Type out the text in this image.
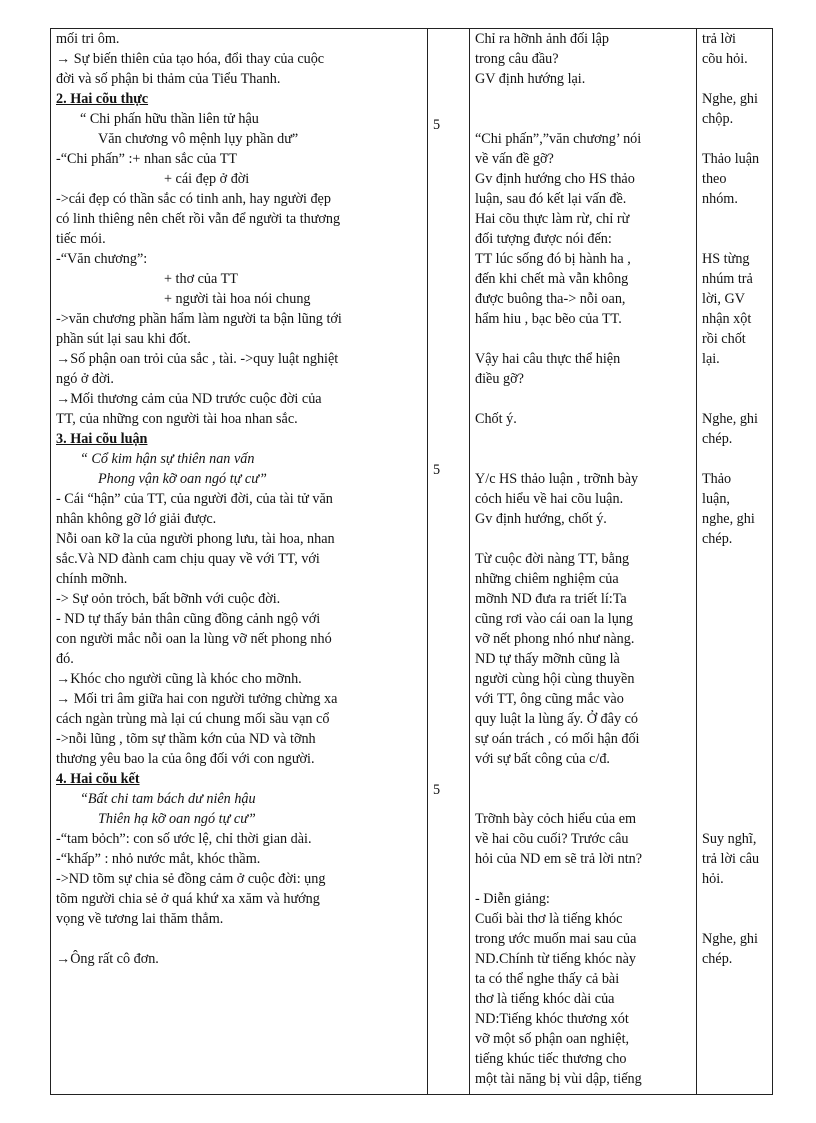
mối tri ôm.
→ Sự biến thiên của tạo hóa, đổi thay của cuộc
đời và số phận bi thảm của Tiểu Thanh.
2. Hai cõu thực
“ Chi phấn hữu thần liên tử hậu
Văn chương vô mệnh lụy phần dư”
-“Chi phấn” :+ nhan sắc của TT
+ cái đẹp ở đời
->cái đẹp có thần sắc có tinh anh, hay người đẹp
có linh thiêng nên chết rồi vẫn để người ta thương
tiếc mói.
-“Văn chương”:
+ thơ của TT
+ người tài hoa nói chung
->văn chương phần hẩm làm người ta bận lũng tới
phần sút lại sau khi đốt.
→Số phận oan trỏi của sắc , tài. ->quy luật nghiệt
ngó ở đời.
→Mối thương cảm của ND trước cuộc đời của
TT, của những con người tài hoa nhan sắc.
3. Hai cõu luận
“ Cổ kim hận sự thiên nan vấn
Phong vận kỡ oan ngó tự cư”
- Cái “hận” của TT, của người đời, của tài tử văn
nhân không gỡ lớ giải được.
Nỗi oan kỡ la của người phong lưu, tài hoa, nhan
sắc.Và ND đành cam chịu quay về với TT, với
chính mỡnh.
-> Sự oỏn trỏch, bất bỡnh với cuộc đời.
- ND tự thấy bản thân cũng đồng cảnh ngộ với
con người mắc nỗi oan la lùng vỡ nết phong nhó
đó.
→Khóc cho người cũng là khóc cho mỡnh.
→ Mối tri âm giữa hai con người tưởng chừng xa
cách ngàn trùng mà lại cú chung mối sầu vạn cổ
->nỗi lũng , tõm sự thầm kớn của ND và tỡnh
thương yêu bao la của ông đối với con người.
4. Hai cõu kết
“Bất chi tam bách dư niên hậu
Thiên hạ kỡ oan ngó tự cư”
-“tam bỏch”: con số ước lệ, chỉ thời gian dài.
-“khấp” : nhỏ nước mắt, khóc thầm.
->ND tõm sự chia sẻ đồng cảm ở cuộc đời: ụng
tõm người chia sẻ ở quá khứ xa xăm và hướng
vọng về tương lai thăm thẳm.
→Ông rất cô đơn.
5
5
5
Chỉ ra hỡnh ảnh đối lập
trong câu đầu?
GV định hướng lại.
“Chi phấn”,”văn chương’ nói
về vấn đề gỡ?
Gv định hướng cho HS thảo
luận, sau đó kết lại vấn đề.
Hai cõu thực làm rừ, chỉ rừ
đối tượng được nói đến:
TT lúc sống đó bị hành ha ,
đến khi chết mà vẫn không
được buông tha-> nỗi oan,
hẩm hiu , bạc bẽo của TT.
Vậy hai câu thực thể hiện
điều gỡ?
Chốt ý.
Y/c HS thảo luận , trỡnh bày
cỏch hiểu về hai cõu luận.
Gv định hướng, chốt ý.
Từ cuộc đời nàng TT, bằng
những chiêm nghiệm của
mỡnh ND đưa ra triết lí:Ta
cũng rơi vào cái oan la lụng
vỡ nết phong nhó như nàng.
ND tự thấy mỡnh cũng là
người cùng hội cùng thuyền
với TT, ông cũng mắc vào
quy luật la lùng ấy. Ở đây có
sự oán trách , có mối hận đối
với sự bất công của c/đ.
Trỡnh bày cỏch hiểu của em
về hai cõu cuối? Trước câu
hỏi của ND em sẽ trả lời ntn?
- Diễn giảng:
Cuối bài thơ là tiếng khóc
trong ước muốn mai sau của
ND.Chính từ tiếng khóc này
ta có thể nghe thấy cả bài
thơ là tiếng khóc dài của
ND:Tiếng khóc thương xót
vỡ một số phận oan nghiệt,
tiếng khúc tiếc thương cho
một tài năng bị vùi dập, tiếng
trả lời
cõu hỏi.
Nghe, ghi
chộp.
Thảo luận
theo
nhóm.
HS từng
nhúm trả
lời, GV
nhận xột
rồi chốt
lại.
Nghe, ghi
chép.
Thảo
luận,
nghe, ghi
chép.
Suy nghĩ,
trả lời câu
hỏi.
Nghe, ghi
chép.
